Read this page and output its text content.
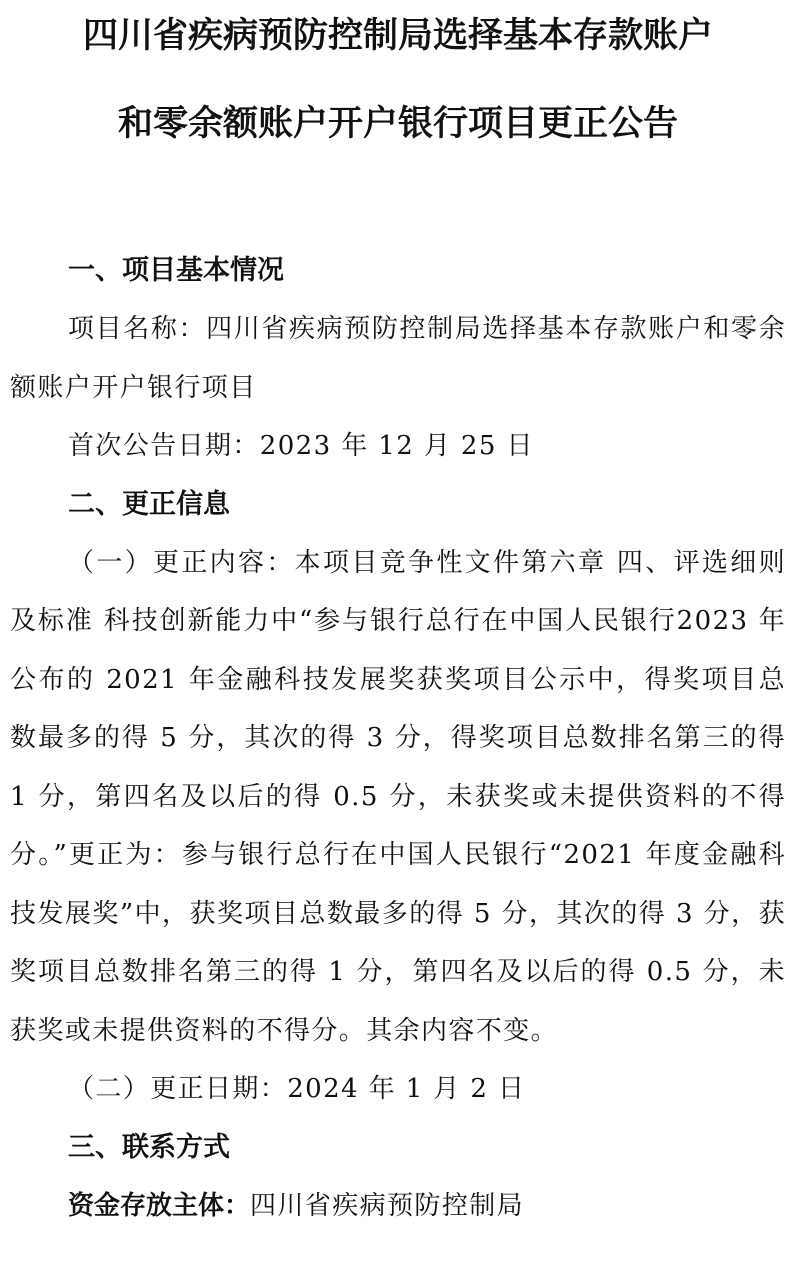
四川省疾病预防控制局选择基本存款账户
和零余额账户开户银行项目更正公告
一、项目基本情况

项目名称：四川省疾病预防控制局选择基本存款账户和零余额账户开户银行项目

首次公告日期：2023 年 12 月 25 日

二、更正信息

（一）更正内容：本项目竞争性文件第六章 四、评选细则及标准 科技创新能力中“参与银行总行在中国人民银行2023 年公布的 2021 年金融科技发展奖获奖项目公示中，得奖项目总数最多的得 5 分，其次的得 3 分，得奖项目总数排名第三的得 1 分，第四名及以后的得 0.5 分，未获奖或未提供资料的不得分。”更正为：参与银行总行在中国人民银行“2021 年度金融科技发展奖”中，获奖项目总数最多的得 5 分，其次的得 3 分，获奖项目总数排名第三的得 1 分，第四名及以后的得 0.5 分，未获奖或未提供资料的不得分。其余内容不变。

（二）更正日期：2024 年 1 月 2 日

三、联系方式
资金存放主体：四川省疾病预防控制局
